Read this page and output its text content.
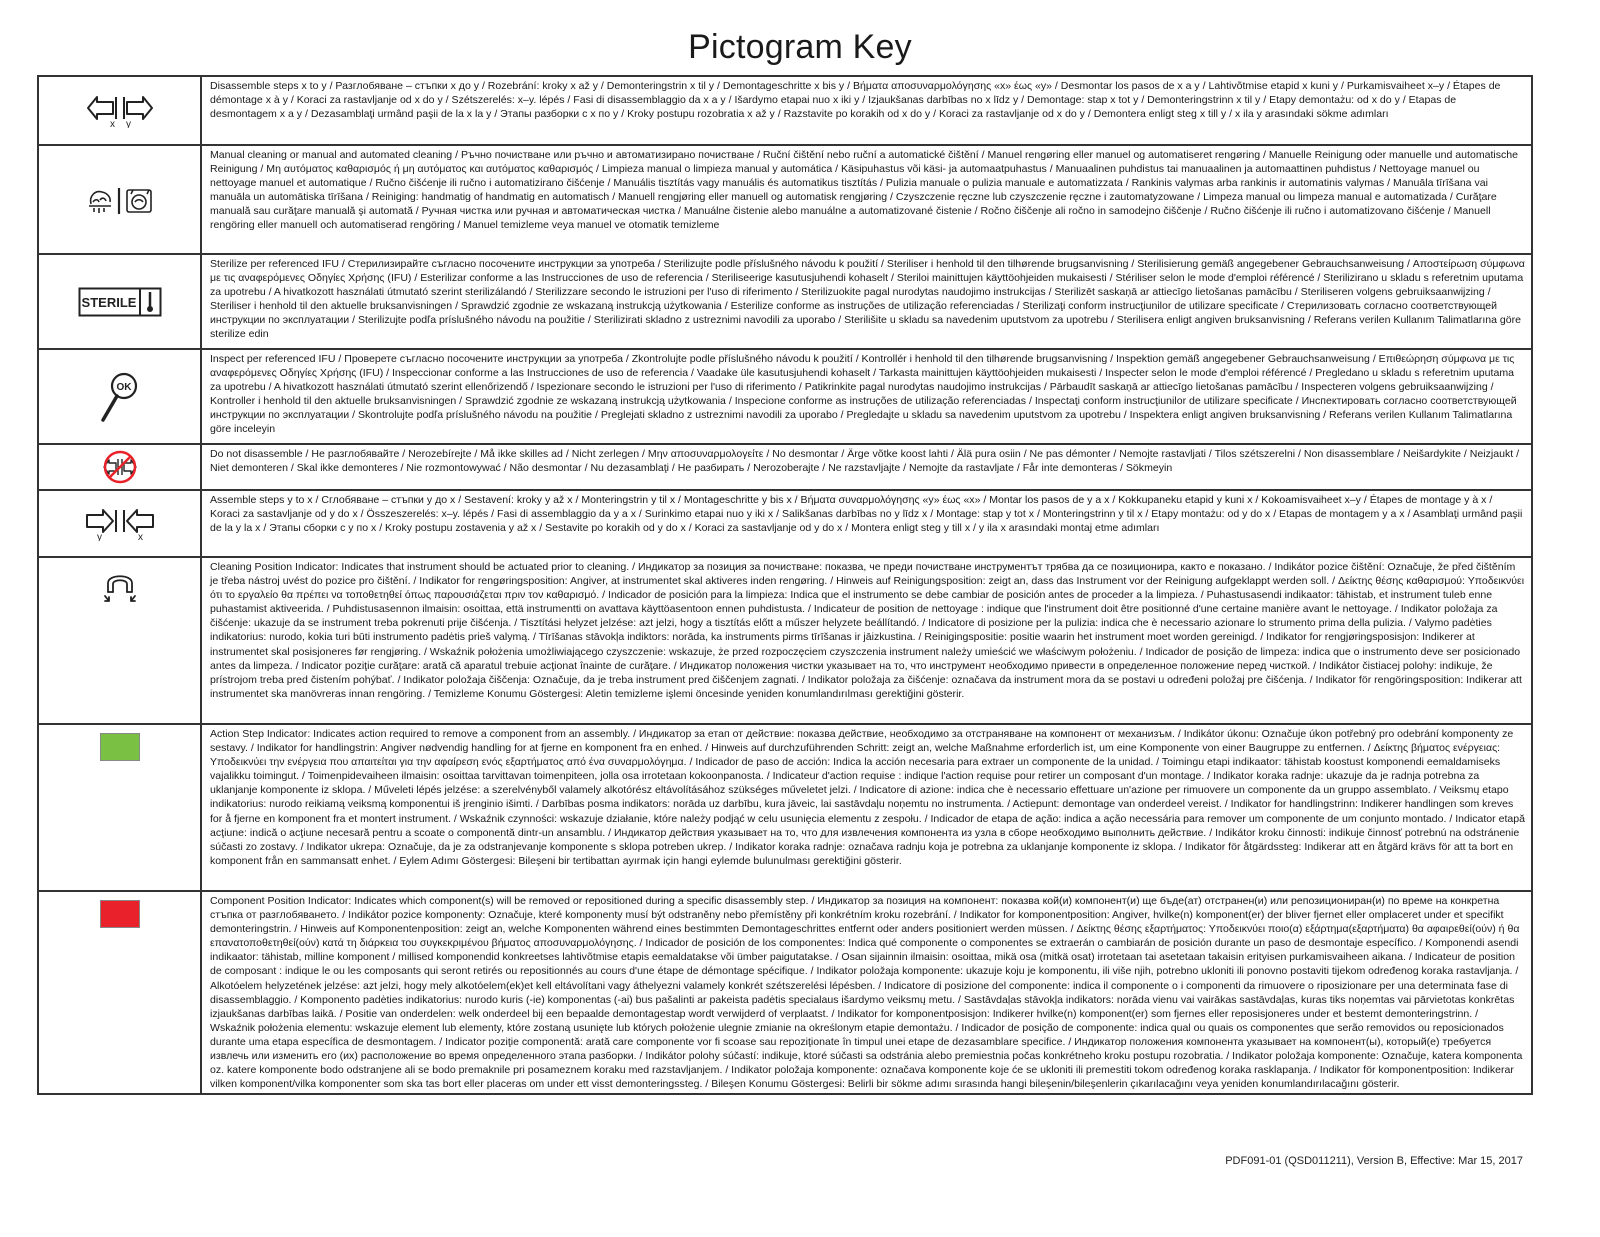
Pictogram Key
x y	Disassemble steps x to y / Разглобяване – стъпки x до y / Rozebrání: kroky x až y / Demonteringstrin x til y / Demontageschritte x bis y / Βήματα αποσυναρμολόγησης «x» έως «y» / Desmontar los pasos de x a y / Lahtivõtmise etapid x kuni y / Purkamisvaiheet x–y / Étapes de démontage x à y / Koraci za rastavljanje od x do y / Szétszerelés: x–y. lépés / Fasi di disassemblaggio da x a y / Išardymo etapai nuo x iki y / Izjaukšanas darbības no x līdz y / Demontage: stap x tot y / Demonteringstrinn x til y / Etapy demontażu: od x do y / Etapas de desmontagem x a y / Dezasamblaţi urmând paşii de la x la y / Этапы разборки с x по y / Kroky postupu rozobratia x až y / Razstavite po korakih od x do y / Koraci za rastavljanje od x do y / Demontera enligt steg x till y / x ila y arasındaki sökme adımları

	Manual cleaning or manual and automated cleaning / Ръчно почистване или ръчно и автоматизирано почистване / Ruční čištění nebo ruční a automatické čištění / Manuel rengøring eller manuel og automatiseret rengøring / Manuelle Reinigung oder manuelle und automatische Reinigung / Μη αυτόματος καθαρισμός ή μη αυτόματος και αυτόματος καθαρισμός / Limpieza manual o limpieza manual y automática / Käsipuhastus või käsi- ja automaatpuhastus / Manuaalinen puhdistus tai manuaalinen ja automaattinen puhdistus / Nettoyage manuel ou nettoyage manuel et automatique / Ručno čišćenje ili ručno i automatizirano čišćenje / Manuális tisztítás vagy manuális és automatikus tisztítás / Pulizia manuale o pulizia manuale e automatizzata / Rankinis valymas arba rankinis ir automatinis valymas / Manuāla tīrīšana vai manuāla un automātiska tīrīšana / Reiniging: handmatig of handmatig en automatisch / Manuell rengjøring eller manuell og automatisk rengjøring / Czyszczenie ręczne lub czyszczenie ręczne i zautomatyzowane / Limpeza manual ou limpeza manual e automatizada / Curăţare manuală sau curăţare manuală şi automată / Ручная чистка или ручная и автоматическая чистка / Manuálne čistenie alebo manuálne a automatizované čistenie / Ročno čiščenje ali ročno in samodejno čiščenje / Ručno čišćenje ili ručno i automatizovano čišćenje / Manuell rengöring eller manuell och automatiserad rengöring / Manuel temizleme veya manuel ve otomatik temizleme

STERILE	Sterilize per referenced IFU / Стерилизирайте съгласно посочените инструкции за употреба / Sterilizujte podle příslušného návodu k použití / Steriliser i henhold til den tilhørende brugsanvisning / Sterilisierung gemäß angegebener Gebrauchsanweisung / Αποστείρωση σύμφωνα με τις αναφερόμενες Οδηγίες Χρήσης (IFU) / Esterilizar conforme a las Instrucciones de uso de referencia / Steriliseerige kasutusjuhendi kohaselt / Steriloi mainittujen käyttöohjeiden mukaisesti / Stériliser selon le mode d'emploi référencé / Sterilizirano u skladu s referetnim uputama za upotrebu / A hivatkozott használati útmutató szerint sterilizálandó / Sterilizzare secondo le istruzioni per l'uso di riferimento / Sterilizuokite pagal nurodytas naudojimo instrukcijas / Sterilizēt saskaņā ar attiecīgo lietošanas pamācību / Steriliseren volgens gebruiksaanwijzing / Steriliser i henhold til den aktuelle bruksanvisningen / Sprawdzić zgodnie ze wskazaną instrukcją użytkowania / Esterilize conforme as instruções de utilização referenciadas / Sterilizaţi conform instrucţiunilor de utilizare specificate / Стерилизовать согласно соответствующей инструкции по эксплуатации / Sterilizujte podľa príslušného návodu na použitie / Sterilizirati skladno z ustreznimi navodili za uporabo / Sterilišite u skladu sa navedenim uputstvom za upotrebu / Sterilisera enligt angiven bruksanvisning / Referans verilen Kullanım Talimatlarına göre sterilize edin

OK	Inspect per referenced IFU / Проверете съгласно посочените инструкции за употреба / Zkontrolujte podle příslušného návodu k použití / Kontrollér i henhold til den tilhørende brugsanvisning / Inspektion gemäß angegebener Gebrauchsanweisung / Επιθεώρηση σύμφωνα με τις αναφερόμενες Οδηγίες Χρήσης (IFU) / Inspeccionar conforme a las Instrucciones de uso de referencia / Vaadake üle kasutusjuhendi kohaselt / Tarkasta mainittujen käyttöohjeiden mukaisesti / Inspecter selon le mode d'emploi référencé / Pregledano u skladu s referetnim uputama za upotrebu / A hivatkozott használati útmutató szerint ellenőrizendő / Ispezionare secondo le istruzioni per l'uso di riferimento / Patikrinkite pagal nurodytas naudojimo instrukcijas / Pārbaudīt saskaņā ar attiecīgo lietošanas pamācību / Inspecteren volgens gebruiksaanwijzing / Kontroller i henhold til den aktuelle bruksanvisningen / Sprawdzić zgodnie ze wskazaną instrukcją użytkowania / Inspecione conforme as instruções de utilização referenciadas / Inspectaţi conform instrucţiunilor de utilizare specificate / Инспектировать согласно соответствующей инструкции по эксплуатации / Skontrolujte podľa príslušného návodu na použitie / Preglejati skladno z ustreznimi navodili za uporabo / Pregledajte u skladu sa navedenim uputstvom za upotrebu / Inspektera enligt angiven bruksanvisning / Referans verilen Kullanım Talimatlarına göre inceleyin

	Do not disassemble / Не разглобявайте / Nerozebírejte / Må ikke skilles ad / Nicht zerlegen / Μην αποσυναρμολογείτε / No desmontar / Ärge võtke koost lahti / Älä pura osiin / Ne pas démonter / Nemojte rastavljati / Tilos szétszerelni / Non disassemblare / Neišardykite / Neizjaukt / Niet demonteren / Skal ikke demonteres / Nie rozmontowywać / Não desmontar / Nu dezasamblaţi / Не разбирать / Nerozoberajte / Ne razstavljajte / Nemojte da rastavljate / Får inte demonteras / Sökmeyin

y x	Assemble steps y to x / Сглобяване – стъпки y до x / Sestavení: kroky y až x / Monteringstrin y til x / Montageschritte y bis x / Βήματα συναρμολόγησης «y» έως «x» / Montar los pasos de y a x / Kokkupaneku etapid y kuni x / Kokoamisvaiheet x–y / Étapes de montage y à x / Koraci za sastavljanje od y do x / Összeszerelés: x–y. lépés / Fasi di assemblaggio da y a x / Surinkimo etapai nuo y iki x / Salikšanas darbības no y līdz x / Montage: stap y tot x / Monteringstrinn y til x / Etapy montażu: od y do x / Etapas de montagem y a x / Asamblaţi urmând paşii de la y la x / Этапы сборки с y по x / Kroky postupu zostavenia y až x / Sestavite po korakih od y do x / Koraci za sastavljanje od y do x / Montera enligt steg y till x / y ila x arasındaki montaj etme adımları

	Cleaning Position Indicator: Indicates that instrument should be actuated prior to cleaning. / Индикатор за позиция за почистване: показва, че преди почистване инструментът трябва да се позиционира, както е показано. / Indikátor pozice čištění: Označuje, že před čištěním je třeba nástroj uvést do pozice pro čištění. / Indikator for rengøringsposition: Angiver, at instrumentet skal aktiveres inden rengøring. / Hinweis auf Reinigungsposition: zeigt an, dass das Instrument vor der Reinigung aufgeklappt werden soll. / Δείκτης θέσης καθαρισμού: Υποδεικνύει ότι το εργαλείο θα πρέπει να τοποθετηθεί όπως παρουσιάζεται πριν τον καθαρισμό. / Indicador de posición para la limpieza: Indica que el instrumento se debe cambiar de posición antes de proceder a la limpieza. / Puhastusasendi indikaator: tähistab, et instrument tuleb enne puhastamist aktiveerida. / Puhdistusasennon ilmaisin: osoittaa, että instrumentti on avattava käyttöasentoon ennen puhdistusta. / Indicateur de position de nettoyage : indique que l'instrument doit être positionné d'une certaine manière avant le nettoyage. / Indikator položaja za čišćenje: ukazuje da se instrument treba pokrenuti prije čišćenja. / Tisztítási helyzet jelzése: azt jelzi, hogy a tisztítás előtt a műszer helyzete beállítandó. / Indicatore di posizione per la pulizia: indica che è necessario azionare lo strumento prima della pulizia. / Valymo padėties indikatorius: nurodo, kokia turi būti instrumento padėtis prieš valymą. / Tīrīšanas stāvokļa indiktors: norāda, ka instruments pirms tīrīšanas ir jāizkustina. / Reinigingspositie: positie waarin het instrument moet worden gereinigd. / Indikator for rengjøringsposisjon: Indikerer at instrumentet skal posisjoneres før rengjøring. / Wskaźnik położenia umożliwiającego czyszczenie: wskazuje, że przed rozpoczęciem czyszczenia instrument należy umieścić we właściwym położeniu. / Indicador de posição de limpeza: indica que o instrumento deve ser posicionado antes da limpeza. / Indicator poziţie curăţare: arată că aparatul trebuie acţionat înainte de curăţare. / Индикатор положения чистки указывает на то, что инструмент необходимо привести в определенное положение перед чисткой. / Indikátor čistiacej polohy: indikuje, že prístrojom treba pred čistením pohýbať. / Indikator položaja čiščenja: Označuje, da je treba instrument pred čiščenjem zagnati. / Indikator položaja za čišćenje: označava da instrument mora da se postavi u određeni položaj pre čišćenja. / Indikator för rengöringsposition: Indikerar att instrumentet ska manövreras innan rengöring. / Temizleme Konumu Göstergesi: Aletin temizleme işlemi öncesinde yeniden konumlandırılması gerektiğini gösterir.

	Action Step Indicator: Indicates action required to remove a component from an assembly. / Индикатор за етап от действие: показва действие, необходимо за отстраняване на компонент от механизъм. / Indikátor úkonu: Označuje úkon potřebný pro odebrání komponenty ze sestavy. / Indikator for handlingstrin: Angiver nødvendig handling for at fjerne en komponent fra en enhed. / Hinweis auf durchzuführenden Schritt: zeigt an, welche Maßnahme erforderlich ist, um eine Komponente von einer Baugruppe zu entfernen. / Δείκτης βήματος ενέργειας: Υποδεικνύει την ενέργεια που απαιτείται για την αφαίρεση ενός εξαρτήματος από ένα συναρμολόγημα. / Indicador de paso de acción: Indica la acción necesaria para extraer un componente de la unidad. / Toimingu etapi indikaator: tähistab koostust komponendi eemaldamiseks vajalikku toimingut. / Toimenpidevaiheen ilmaisin: osoittaa tarvittavan toimenpiteen, jolla osa irrotetaan kokoonpanosta. / Indicateur d'action requise : indique l'action requise pour retirer un composant d'un montage. / Indikator koraka radnje: ukazuje da je radnja potrebna za uklanjanje komponente iz sklopa. / Műveleti lépés jelzése: a szerelvényből valamely alkotórész eltávolításához szükséges műveletet jelzi. / Indicatore di azione: indica che è necessario effettuare un'azione per rimuovere un componente da un gruppo assemblato. / Veiksmų etapo indikatorius: nurodo reikiamą veiksmą komponentui iš įrenginio išimti. / Darbības posma indikators: norāda uz darbību, kura jāveic, lai sastāvdaļu noņemtu no instrumenta. / Actiepunt: demontage van onderdeel vereist. / Indikator for handlingstrinn: Indikerer handlingen som kreves for å fjerne en komponent fra et montert instrument. / Wskaźnik czynności: wskazuje działanie, które należy podjąć w celu usunięcia elementu z zespołu. / Indicador de etapa de ação: indica a ação necessária para remover um componente de um conjunto montado. / Indicator etapă acţiune: indică o acţiune necesară pentru a scoate o componentă dintr-un ansamblu. / Индикатор действия указывает на то, что для извлечения компонента из узла в сборе необходимо выполнить действие. / Indikátor kroku činnosti: indikuje činnosť potrebnú na odstránenie súčasti zo zostavy. / Indikator ukrepa: Označuje, da je za odstranjevanje komponente s sklopa potreben ukrep. / Indikator koraka radnje: označava radnju koja je potrebna za uklanjanje komponente iz sklopa. / Indikator för åtgärdssteg: Indikerar att en åtgärd krävs för att ta bort en komponent från en sammansatt enhet. / Eylem Adımı Göstergesi: Bileşeni bir tertibattan ayırmak için hangi eylemde bulunulması gerektiğini gösterir.

	Component Position Indicator: Indicates which component(s) will be removed or repositioned during a specific disassembly step. / Индикатор за позиция на компонент: показва кой(и) компонент(и) ще бъде(ат) отстранен(и) или репозициониран(и) по време на конкретна стъпка от разглобяването. / Indikátor pozice komponenty: Označuje, které komponenty musí být odstraněny nebo přemístěny při konkrétním kroku rozebrání. / Indikator for komponentposition: Angiver, hvilke(n) komponent(er) der bliver fjernet eller omplaceret under et specifikt demonteringstrin. / Hinweis auf Komponentenposition: zeigt an, welche Komponenten während eines bestimmten Demontageschrittes entfernt oder anders positioniert werden müssen. / Δείκτης θέσης εξαρτήματος: Υποδεικνύει ποιο(α) εξάρτημα(εξαρτήματα) θα αφαιρεθεί(ούν) ή θα επανατοποθετηθεί(ούν) κατά τη διάρκεια του συγκεκριμένου βήματος αποσυναρμολόγησης. / Indicador de posición de los componentes: Indica qué componente o componentes se extraerán o cambiarán de posición durante un paso de desmontaje específico. / Komponendi asendi indikaator: tähistab, milline komponent / millised komponendid konkreetses lahtivõtmise etapis eemaldatakse või ümber paigutatakse. / Osan sijainnin ilmaisin: osoittaa, mikä osa (mitkä osat) irrotetaan tai asetetaan takaisin erityisen purkamisvaiheen aikana. / Indicateur de position de composant : indique le ou les composants qui seront retirés ou repositionnés au cours d'une étape de démontage spécifique. / Indikator položaja komponente: ukazuje koju je komponentu, ili više njih, potrebno ukloniti ili ponovno postaviti tijekom određenog koraka rastavljanja. / Alkotóelem helyzetének jelzése: azt jelzi, hogy mely alkotóelem(ek)et kell eltávolítani vagy áthelyezni valamely konkrét szétszerelési lépésben. / Indicatore di posizione del componente: indica il componente o i componenti da rimuovere o riposizionare per una determinata fase di disassemblaggio. / Komponento padėties indikatorius: nurodo kuris (-ie) komponentas (-ai) bus pašalinti ar pakeista padėtis specialaus išardymo veiksmų metu. / Sastāvdaļas stāvokļa indikators: norāda vienu vai vairākas sastāvdaļas, kuras tiks noņemtas vai pārvietotas konkrētas izjaukšanas darbības laikā. / Positie van onderdelen: welk onderdeel bij een bepaalde demontagestap wordt verwijderd of verplaatst. / Indikator for komponentposisjon: Indikerer hvilke(n) komponent(er) som fjernes eller reposisjoneres under et bestemt demonteringstrinn. / Wskaźnik położenia elementu: wskazuje element lub elementy, które zostaną usunięte lub których położenie ulegnie zmianie na określonym etapie demontażu. / Indicador de posição de componente: indica qual ou quais os componentes que serão removidos ou reposicionados durante uma etapa específica de desmontagem. / Indicator poziţie componentă: arată care componente vor fi scoase sau repoziţionate în timpul unei etape de dezasamblare specifice. / Индикатор положения компонента указывает на компонент(ы), который(е) требуется извлечь или изменить его (их) расположение во время определенного этапа разборки. / Indikátor polohy súčastí: indikuje, ktoré súčasti sa odstránia alebo premiestnia počas konkrétneho kroku postupu rozobratia. / Indikator položaja komponente: Označuje, katera komponenta oz. katere komponente bodo odstranjene ali se bodo premaknile pri posameznem koraku med razstavljanjem. / Indikator položaja komponente: označava komponente koje će se ukloniti ili premestiti tokom određenog koraka rasklapanja. / Indikator för komponentposition: Indikerar vilken komponent/vilka komponenter som ska tas bort eller placeras om under ett visst demonteringssteg. / Bileşen Konumu Göstergesi: Belirli bir sökme adımı sırasında hangi bileşenin/bileşenlerin çıkarılacağını veya yeniden konumlandırılacağını gösterir.
PDF091-01 (QSD011211), Version B, Effective: Mar 15, 2017
